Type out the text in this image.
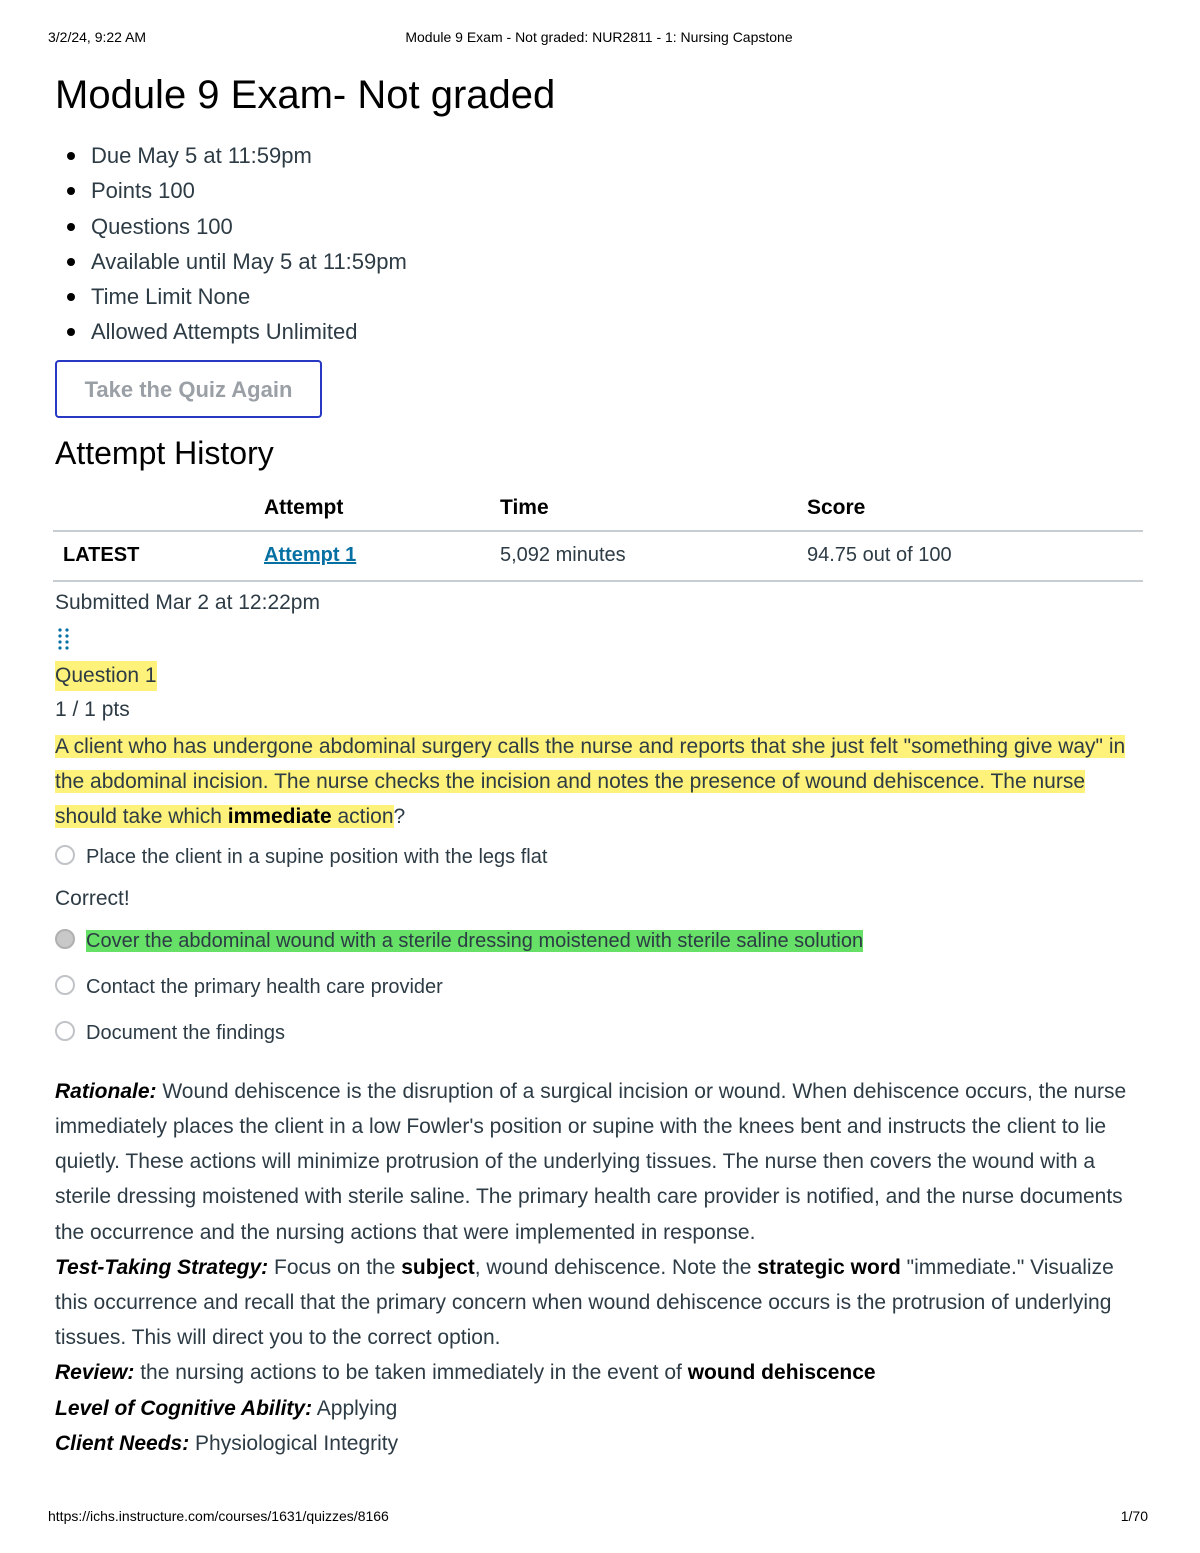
3/2/24, 9:22 AM	Module 9 Exam - Not graded: NUR2811 - 1: Nursing Capstone
Module 9 Exam- Not graded
Due May 5 at 11:59pm
Points 100
Questions 100
Available until May 5 at 11:59pm
Time Limit None
Allowed Attempts Unlimited
Take the Quiz Again
Attempt History
	Attempt	Time	Score
LATEST	Attempt 1	5,092 minutes	94.75 out of 100
Submitted Mar 2 at 12:22pm
Question 1
1 / 1 pts
A client who has undergone abdominal surgery calls the nurse and reports that she just felt "something give way" in the abdominal incision. The nurse checks the incision and notes the presence of wound dehiscence. The nurse should take which immediate action?
Place the client in a supine position with the legs flat
Correct!
Cover the abdominal wound with a sterile dressing moistened with sterile saline solution
Contact the primary health care provider
Document the findings

Rationale: Wound dehiscence is the disruption of a surgical incision or wound. When dehiscence occurs, the nurse immediately places the client in a low Fowler's position or supine with the knees bent and instructs the client to lie quietly. These actions will minimize protrusion of the underlying tissues. The nurse then covers the wound with a sterile dressing moistened with sterile saline. The primary health care provider is notified, and the nurse documents the occurrence and the nursing actions that were implemented in response.

Test-Taking Strategy: Focus on the subject, wound dehiscence. Note the strategic word "immediate." Visualize this occurrence and recall that the primary concern when wound dehiscence occurs is the protrusion of underlying tissues. This will direct you to the correct option.

Review: the nursing actions to be taken immediately in the event of wound dehiscence

Level of Cognitive Ability: Applying

Client Needs: Physiological Integrity

https://ichs.instructure.com/courses/1631/quizzes/8166	1/70
